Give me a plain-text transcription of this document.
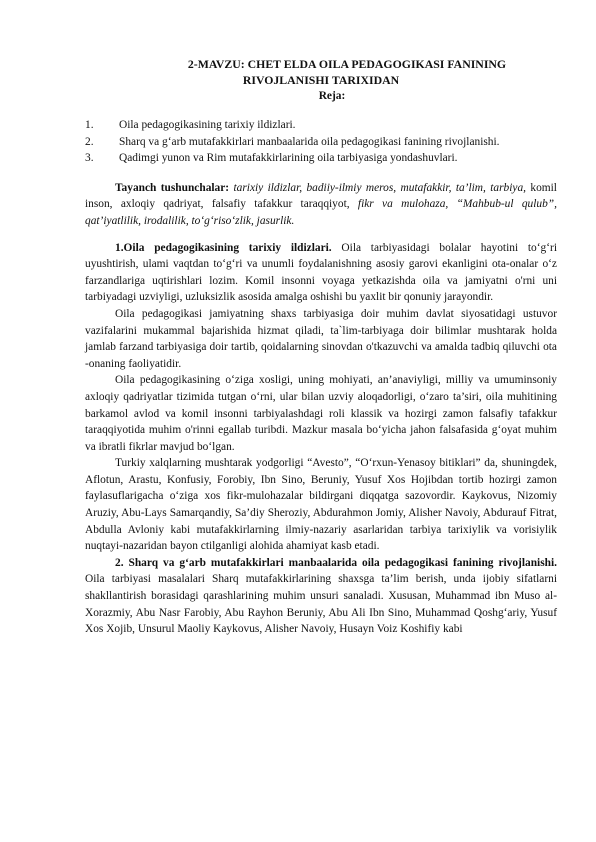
2-MAVZU: CHET ELDA OILA PEDAGOGIKASI FANINING
RIVOJLANISHI TARIXIDAN
Reja:
1.	Oila pedagogikasining tarixiy ildizlari.
2. Sharq va g‘arb mutafakkirlari manbaalarida oila pedagogikasi fanining rivojlanishi.
3.	Qadimgi yunon va Rim mutafakkirlarining oila tarbiyasiga yondashuvlari.

Tayanch tushunchalar: tarixiy ildizlar, badiiy-ilmiy meros, mutafakkir, ta’lim, tarbiya, komil inson, axloqiy qadriyat, falsafiy tafakkur taraqqiyot, fikr va mulohaza, “Mahbub-ul qulub”, qat’iyatlilik, irodalilik, to‘g‘riso‘zlik, jasurlik.

1.Oila pedagogikasining tarixiy ildizlari. Oila tarbiyasidagi bolalar hayotini to‘g‘ri uyushtirish, ulami vaqtdan to‘g‘ri va unumli foydalanishning asosiy garovi ekanligini ota-onalar o‘z farzandlariga uqtirishlari lozim. Komil insonni voyaga yetkazishda oila va jamiyatni o'rni uni tarbiyadagi uzviyligi, uzluksizlik asosida amalga oshishi bu yaxlit bir qonuniy jarayondir.

Oila pedagogikasi jamiyatning shaxs tarbiyasiga doir muhim davlat siyosatidagi ustuvor vazifalarini mukammal bajarishida hizmat qiladi, ta`lim-tarbiyaga doir bilimlar mushtarak holda jamlab farzand tarbiyasiga doir tartib, qoidalarning sinovdan o'tkazuvchi va amalda tadbiq qiluvchi ota -onaning faoliyatidir.

Oila pedagogikasining o‘ziga xosligi, uning mohiyati, an’anaviyligi, milliy va umuminsoniy axloqiy qadriyatlar tizimida tutgan o‘rni, ular bilan uzviy aloqadorligi, o‘zaro ta’siri, oila muhitining barkamol avlod va komil insonni tarbiyalashdagi roli klassik va hozirgi zamon falsafiy tafakkur taraqqiyotida muhim o'rinni egallab turibdi. Mazkur masala bo‘yicha jahon falsafasida g‘oyat muhim va ibratli fikrlar mavjud bo‘lgan.

Turkiy xalqlarning mushtarak yodgorligi “Avesto”, “O‘rxun-Yenasoy bitiklari” da, shuningdek, Aflotun, Arastu, Konfusiy, Forobiy, Ibn Sino, Beruniy, Yusuf Xos Hojibdan tortib hozirgi zamon faylasuflarigacha o‘ziga xos fikr-mulohazalar bildirgani diqqatga sazovordir. Kaykovus, Nizomiy Aruziy, Abu-Lays Samarqandiy, Sa’diy Sheroziy, Abdurahmon Jomiy, Alisher Navoiy, Abdurauf Fitrat, Abdulla Avloniy kabi mutafakkirlarning ilmiy-nazariy asarlaridan tarbiya tarixiylik va vorisiylik nuqtayi-nazaridan bayon ctilganligi alohida ahamiyat kasb etadi.

2. Sharq va g‘arb mutafakkirlari manbaalarida oila pedagogikasi fanining rivojlanishi. Oila tarbiyasi masalalari Sharq mutafakkirlarining shaxsga ta’lim berish, unda ijobiy sifatlarni shakllantirish borasidagi qarashlarining muhim unsuri sanaladi. Xususan, Muhammad ibn Muso al-Xorazmiy, Abu Nasr Farobiy, Abu Rayhon Beruniy, Abu Ali Ibn Sino, Muhammad Qoshg‘ariy, Yusuf Xos Xojib, Unsurul Maoliy Kaykovus, Alisher Navoiy, Husayn Voiz Koshifiy kabi
